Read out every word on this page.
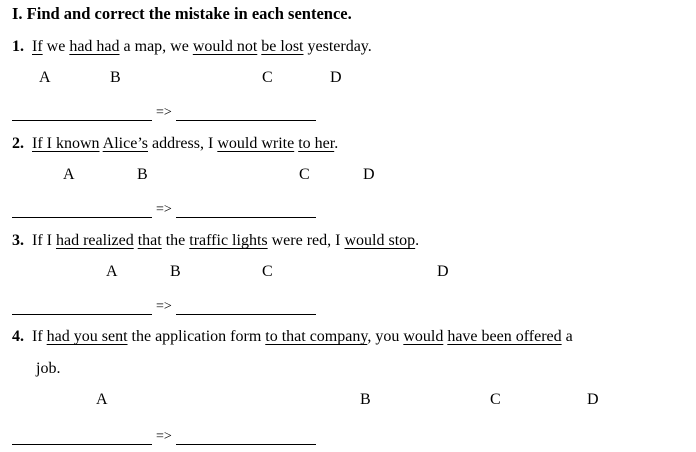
I. Find and correct the mistake in each sentence.
1. If we had had a map, we would not be lost yesterday.
A	B	C	D
=>
2. If I known Alice’s address, I would write to her.
A	B	C	D
=>
3. If I had realized that the traffic lights were red, I would stop.
A	B	C	D
=>
4. If had you sent the application form to that company, you would have been offered a
job.
A	B	C	D
=>
